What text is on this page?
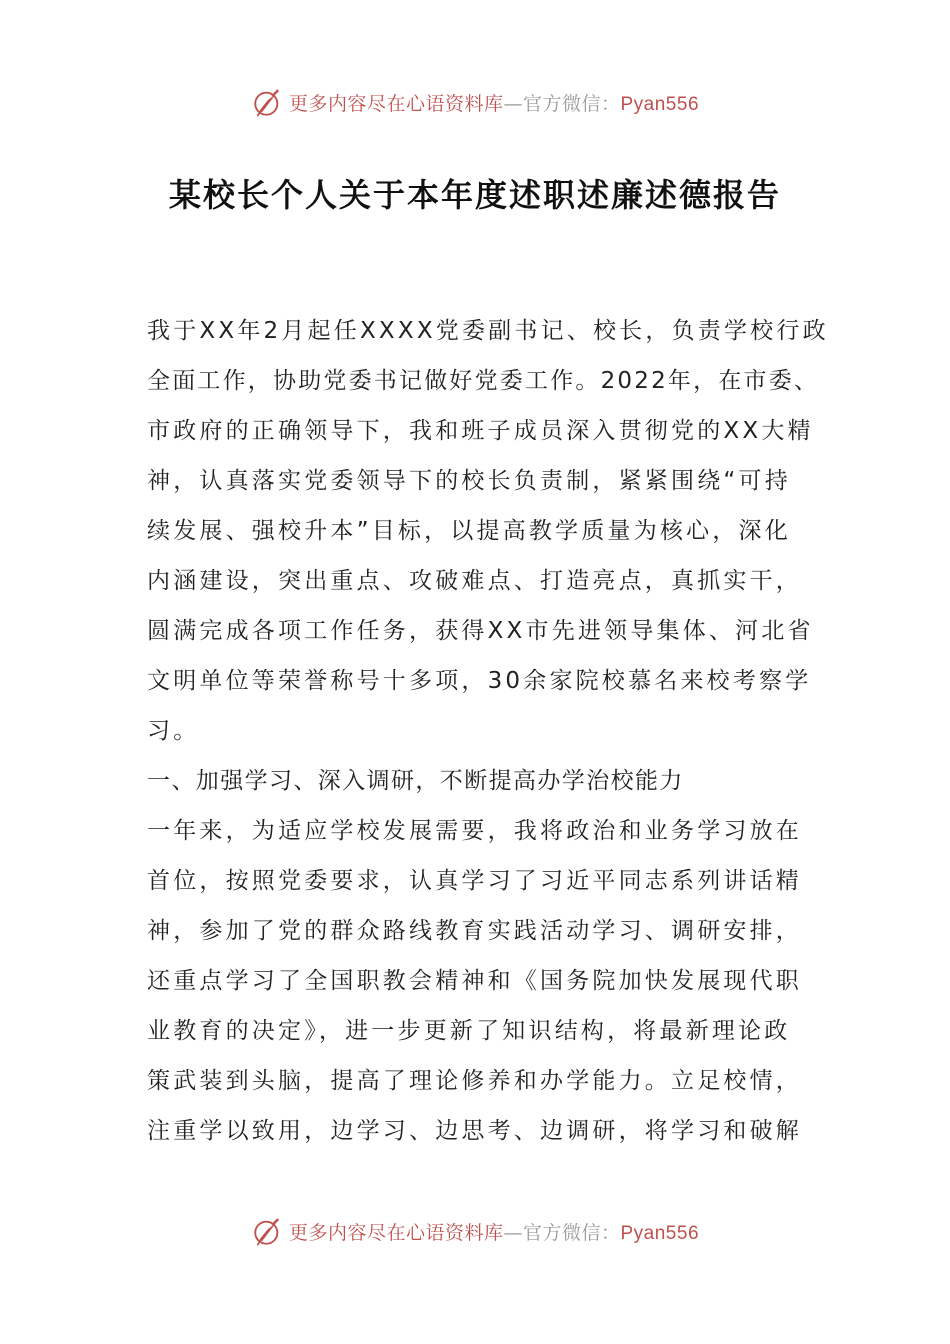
更多内容尽在心语资料库—官方微信：Pyan556
某校长个人关于本年度述职述廉述德报告
我于XX年2月起任XXXX党委副书记、校长，负责学校行政
全面工作，协助党委书记做好党委工作。2022年，在市委、
市政府的正确领导下，我和班子成员深入贯彻党的XX大精
神，认真落实党委领导下的校长负责制，紧紧围绕“可持
续发展、强校升本”目标，以提高教学质量为核心，深化
内涵建设，突出重点、攻破难点、打造亮点，真抓实干，
圆满完成各项工作任务，获得XX市先进领导集体、河北省
文明单位等荣誉称号十多项，30余家院校慕名来校考察学
习。
一、加强学习、深入调研，不断提高办学治校能力
一年来，为适应学校发展需要，我将政治和业务学习放在
首位，按照党委要求，认真学习了习近平同志系列讲话精
神，参加了党的群众路线教育实践活动学习、调研安排，
还重点学习了全国职教会精神和《国务院加快发展现代职
业教育的决定》，进一步更新了知识结构，将最新理论政
策武装到头脑，提高了理论修养和办学能力。立足校情，
注重学以致用，边学习、边思考、边调研，将学习和破解
更多内容尽在心语资料库—官方微信：Pyan556
